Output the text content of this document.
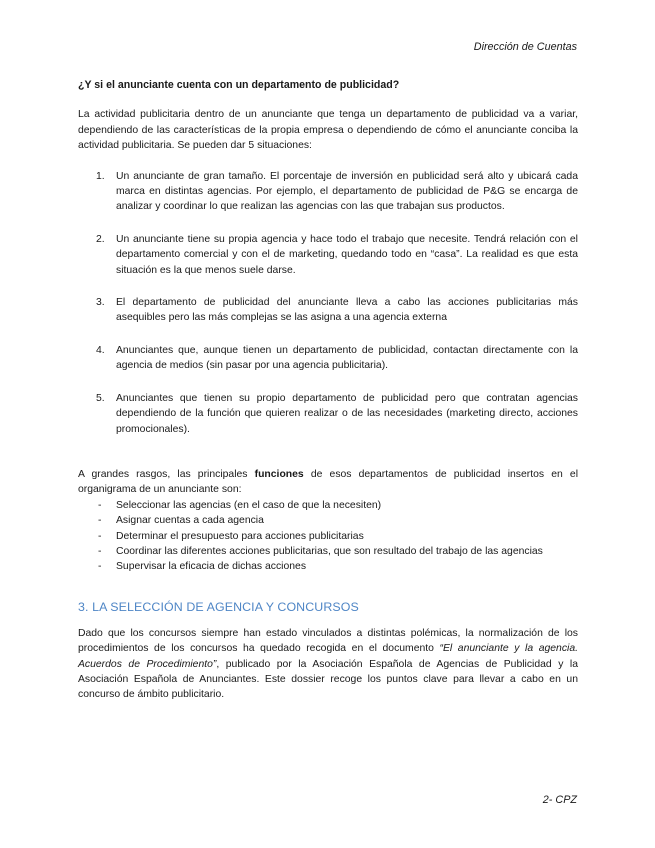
Dirección de Cuentas
¿Y si el anunciante cuenta con un departamento de publicidad?

La actividad publicitaria dentro de un anunciante que tenga un departamento de publicidad va a variar, dependiendo de las características de la propia empresa o dependiendo de cómo el anunciante conciba la actividad publicitaria. Se pueden dar 5 situaciones:

1. Un anunciante de gran tamaño. El porcentaje de inversión en publicidad será alto y ubicará cada marca en distintas agencias. Por ejemplo, el departamento de publicidad de P&G se encarga de analizar y coordinar lo que realizan las agencias con las que trabajan sus productos.
2. Un anunciante tiene su propia agencia y hace todo el trabajo que necesite. Tendrá relación con el departamento comercial y con el de marketing, quedando todo en “casa”. La realidad es que esta situación es la que menos suele darse.
3. El departamento de publicidad del anunciante lleva a cabo las acciones publicitarias más asequibles pero las más complejas se las asigna a una agencia externa
4. Anunciantes que, aunque tienen un departamento de publicidad, contactan directamente con la agencia de medios (sin pasar por una agencia publicitaria).
5. Anunciantes que tienen su propio departamento de publicidad pero que contratan agencias dependiendo de la función que quieren realizar o de las necesidades (marketing directo, acciones promocionales).

A grandes rasgos, las principales funciones de esos departamentos de publicidad insertos en el organigrama de un anunciante son:

- Seleccionar las agencias (en el caso de que la necesiten)
- Asignar cuentas a cada agencia
- Determinar el presupuesto para acciones publicitarias
- Coordinar las diferentes acciones publicitarias, que son resultado del trabajo de las agencias
- Supervisar la eficacia de dichas acciones
3. LA SELECCIÓN DE AGENCIA Y CONCURSOS

Dado que los concursos siempre han estado vinculados a distintas polémicas, la normalización de los procedimientos de los concursos ha quedado recogida en el documento “El anunciante y la agencia. Acuerdos de Procedimiento”, publicado por la Asociación Española de Agencias de Publicidad y la Asociación Española de Anunciantes. Este dossier recoge los puntos clave para llevar a cabo en un concurso de ámbito publicitario.

2- CPZ
